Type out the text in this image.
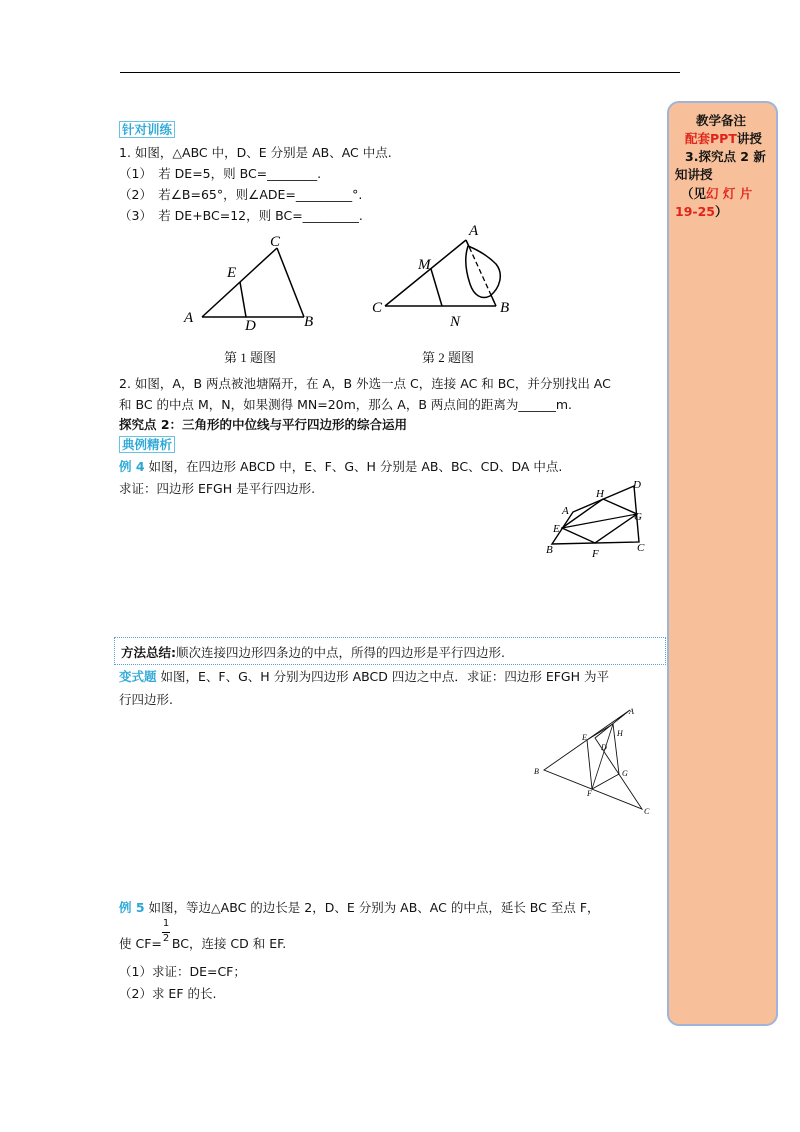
教学备注
配套PPT讲授
3.探究点 2 新
知讲授
（见幻 灯 片
19-25）
针对训练
1. 如图，△ABC 中，D、E 分别是 AB、AC 中点.
（1）　若 DE=5，则 BC=________.
（2）　若∠B=65°，则∠ADE=_________°.
（3）　若 DE+BC=12，则 BC=_________.
C
E
A	D	B
A
M
C
N
B
第 1 题图	第 2 题图
2. 如图，A，B 两点被池塘隔开，在 A，B 外选一点 C，连接 AC 和 BC，并分别找出 AC
和 BC 的中点 M，N，如果测得 MN=20m，那么 A，B 两点间的距离为______m.
探究点 2：三角形的中位线与平行四边形的综合运用
典例精析
例 4 如图，在四边形 ABCD 中，E、F、G、H 分别是 AB、BC、CD、DA 中点.
求证：四边形 EFGH 是平行四边形.
A
H
D
E
G
B	F	C
方法总结:顺次连接四边形四条边的中点，所得的四边形是平行四边形.
变式题 如图，E、F、G、H 分别为四边形 ABCD 四边之中点．求证：四边形 EFGH 为平
行四边形.
A
E	H
D
G
B
F
C
例 5 如图，等边△ABC 的边长是 2，D、E 分别为 AB、AC 的中点，延长 BC 至点 F，
使 $CF= \frac{1}{2}$ BC，连接 CD 和 EF.
（1）求证：DE=CF；
（2）求 EF 的长.
